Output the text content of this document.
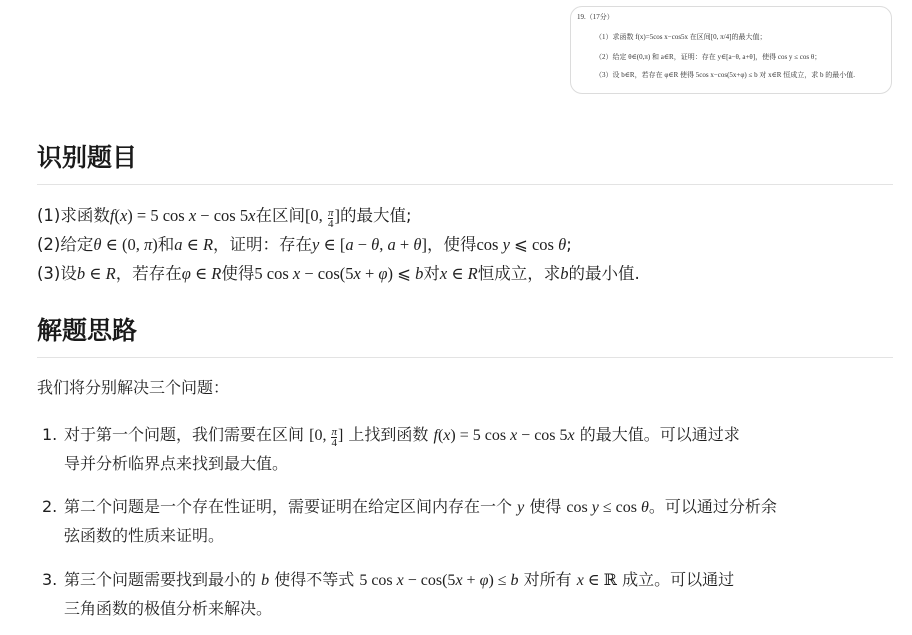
19.（17分）
（1）求函数 f(x)=5cos x−cos5x 在区间[0, π/4]的最大值；
（2）给定 θ∈(0,π) 和 a∈R，证明：存在 y∈[a−θ, a+θ]，使得 cos y ≤ cos θ；
（3）设 b∈R，若存在 φ∈R 使得 5cos x−cos(5x+φ) ≤ b 对 x∈R 恒成立，求 b 的最小值.
识别题目
(1)求函数f(x) = 5 cos x − cos 5x在区间[0, $\frac{\pi}{4}$ ]的最大值;
(2)给定θ ∈ (0, π)和a ∈ R，证明：存在y ∈ [a − θ, a + θ]，使得cos y ⩽ cos θ;
(3)设b ∈ R，若存在φ ∈ R使得5 cos x − cos(5x + φ) ⩽ b对x ∈ R恒成立，求b的最小值.
解题思路
我们将分别解决三个问题：
1. 对于第一个问题，我们需要在区间 [0, $\frac{\pi}{4}$ ] 上找到函数 f(x) = 5 cos x − cos 5x 的最大值。可以通过求
导并分析临界点来找到最大值。
2. 第二个问题是一个存在性证明，需要证明在给定区间内存在一个 y 使得 cos y ≤ cos θ。可以通过分析余
弦函数的性质来证明。
3. 第三个问题需要找到最小的 b 使得不等式 5 cos x − cos(5x + φ) ≤ b 对所有 x ∈ ℝ 成立。可以通过
三角函数的极值分析来解决。
